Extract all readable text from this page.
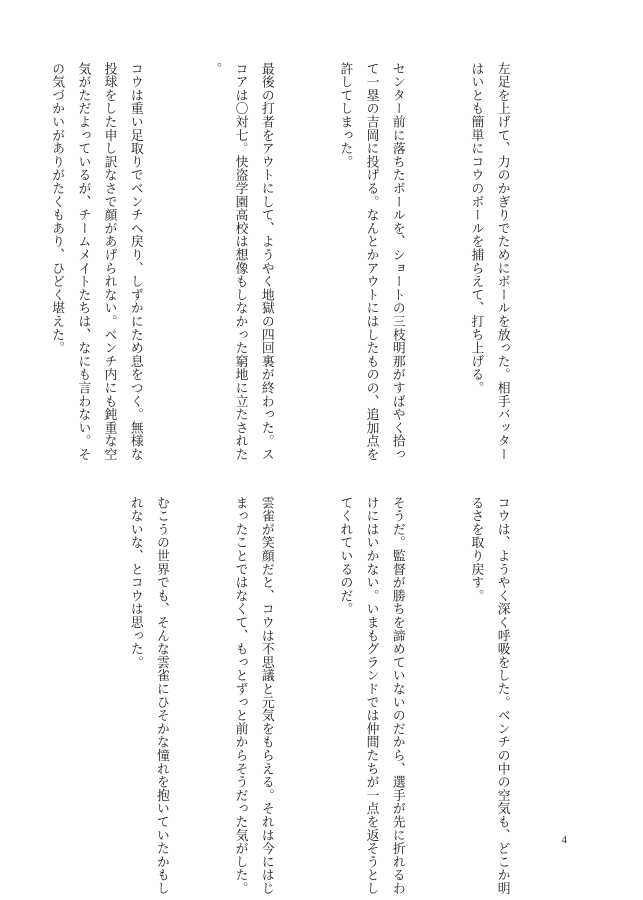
左足を上げて、力のかぎりでためにボールを放った。相手バッター
はいとも簡単にコウのボールを捕らえて、打ち上げる。

センター前に落ちたボールを、ショートの三枝明那がすばやく拾っ
て一塁の吉岡に投げる。なんとかアウトにはしたものの、追加点を
許してしまった。

最後の打者をアウトにして、ようやく地獄の四回裏が終わった。ス
コアは〇対七。快盗学園高校は想像もしなかった窮地に立たされた
。

コウは重い足取りでベンチへ戻り、しずかにため息をつく。無様な
投球をした申し訳なさで顔があげられない。ベンチ内にも鈍重な空
気がただよっているが、チームメイトたちは、なにも言わない。そ
の気づかいがありがたくもあり、ひどく堪えた。

コウは、ようやく深く呼吸をした。ベンチの中の空気も、どこか明
るさを取り戻す。

そうだ。監督が勝ちを諦めていないのだから、選手が先に折れるわ
けにはいかない。いまもグランドでは仲間たちが一点を返そうとし
てくれているのだ。

雲雀が笑顔だと、コウは不思議と元気をもらえる。それは今にはじ
まったことではなくて、もっとずっと前からそうだった気がした。

むこうの世界でも、そんな雲雀にひそかな憧れを抱いていたかもし
れないな、とコウは思った。

4
